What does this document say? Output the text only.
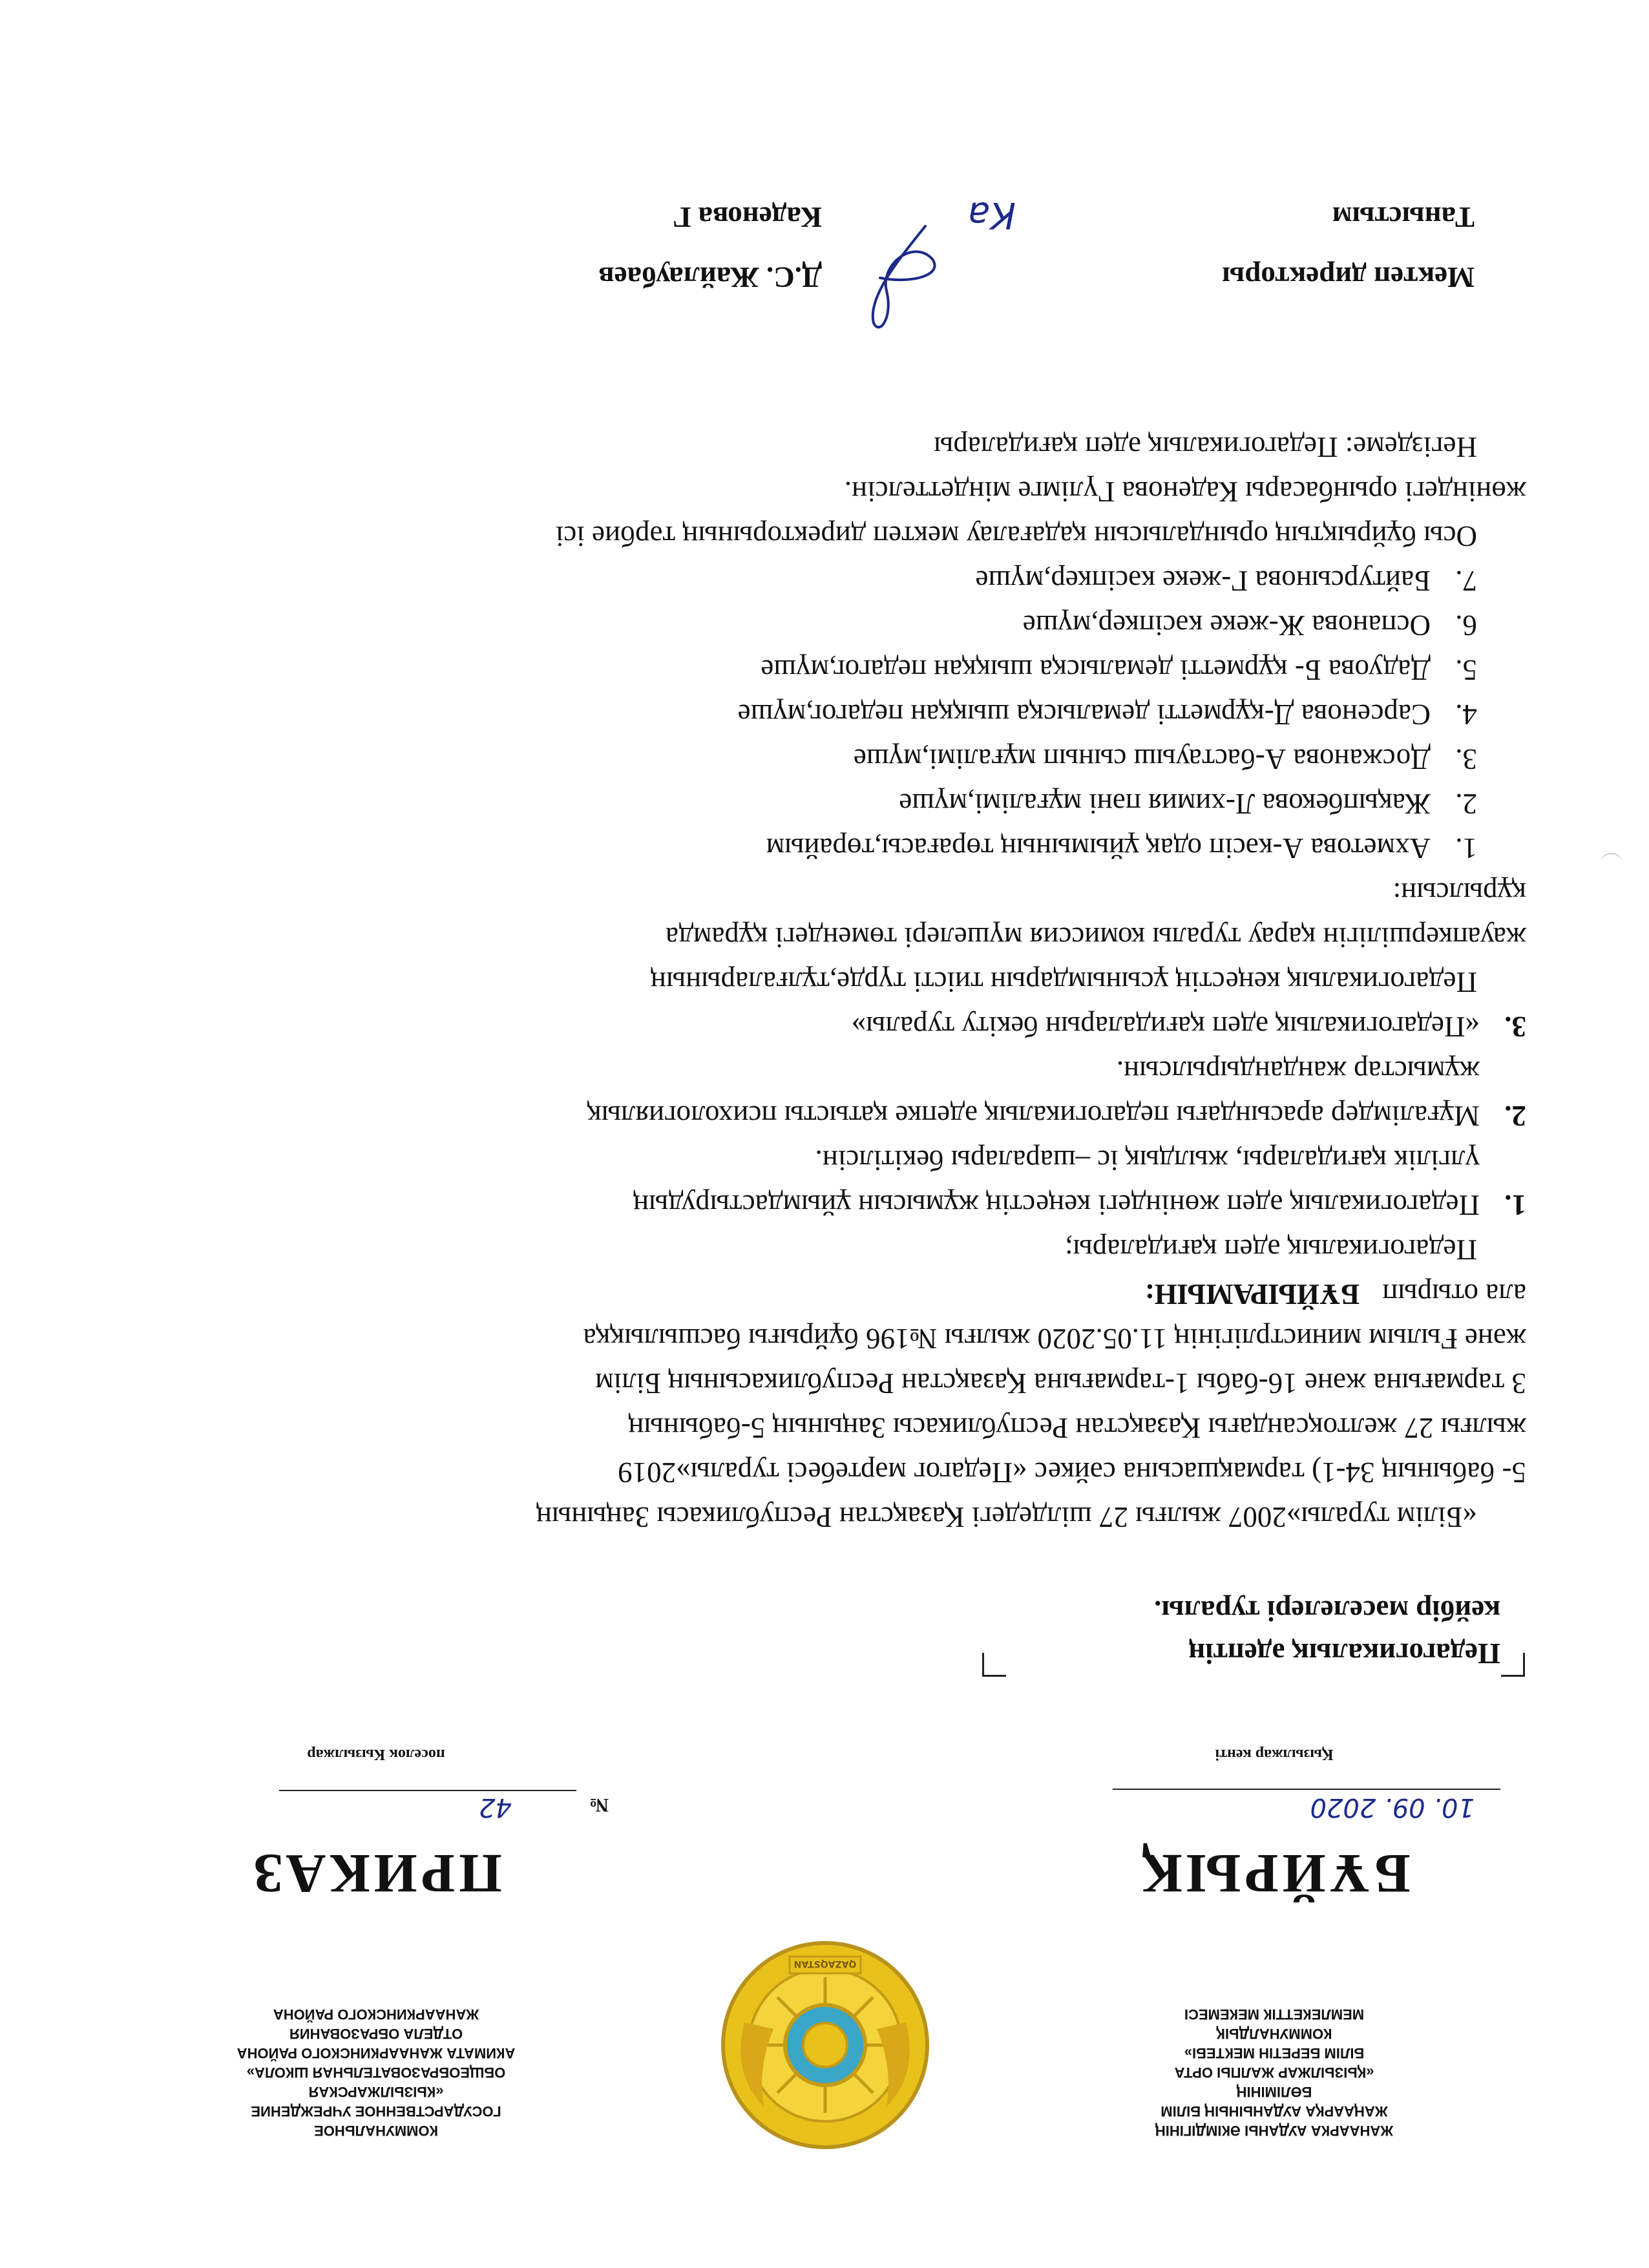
ЖАНААРКА АУДАНЫ ӘКІМДІГІНІҢ
ЖАҢААРҚА АУДАНЫНЫҢ БІЛІМ
БӨЛІМІНІҢ
«ҚЫЗЫЛЖАР ЖАЛПЫ ОРТА
БІЛІМ БЕРЕТІН МЕКТЕБІ»
КОММУНАЛДЫҚ
МЕМЛЕКЕТТІК МЕКЕМЕСІ
QAZAQSTAN
КОММУНАЛЬНОЕ
ГОСУДАРСТВЕННОЕ УЧРЕЖДЕНИЕ
«КЫЗЫЛЖАРСКАЯ
ОБЩЕОБРАЗОВАТЕЛЬНАЯ ШКОЛА»
АКИМАТА ЖАНААРКИНСКОГО РАЙОНА
ОТДЕЛА ОБРАЗОВАНИЯ
ЖАНААРКИНСКОГО РАЙОНА
БҰЙРЫҚ
ПРИКАЗ
10. 09. 2020
№
42
Қызылжар кенті
поселок Кызылжар
Педагогикалық әдептің
кейбір мәселелері туралы.

«Білім туралы»2007 жылғы 27 шілдедегі Қазақстан Республикасы Заңының

5- бабының 34-1) тармақшасына сәйкес «Педагог мәртебесі туралы»2019

жылғы 27 желтоқсандағы Қазақстан Республикасы Заңының 5-бабының

3 тармағына және 16-бабы 1-тармағына Қазақстан Республикасының Білім

және Ғылым министрлігінің 11.05.2020 жылғы №196 бұйрығы басшылыққа

ала отырып БҰЙЫРАМЫН:

Педагогикалық әдеп қағидалары;

1.
Педагогикалық әдеп жөніндегі кеңестің жұмысын ұйымдастырудың
үлгілік қағидалары, жылдық іс –шаралары бекітілсін.
2.
Мұғалімдер арасындағы педагогикалық әдепке қатысты психологиялық
жұмыстар жандандырылсын.
3.
«Педагогикалық әдеп қағидаларын бекіту туралы»

Педагогикалық кеңестің ұсынымдарын тиісті түрде,тұлғаларының

жауапкершілігін қарау туралы комиссия мүшелері төмендегі құрамда

құрылсын:

1.
Ахметова А-кәсіп одақ ұйымының төрағасы,төрайым
2.
Жақыпбекова Л-химия пәні мұғалімі,мүше
3.
Досжанова А-бастауыш сынып мұғалімі,мүше
4.
Сарсенова Д-құрметті демалысқа шыққан педагог,мүше
5.
Дадуова Б- құрметті демалысқа шыққан педагог,мүше
6.
Оспанова Ж-жеке кәсіпкер,мүше
7.
Байтурсынова Г-жеке кәсіпкер,мүше

Осы бұйрықтың орындалысын қадағалау мектеп директорының тәрбие ісі

жөніндегі орынбасары Каденова Гүлімге міндеттелсін.

Негіздеме: Педагогикалық әдеп қағидалары

Мектеп директоры
Д.С. Жайлаубаев
Таныстым
Каденова Г	Ка
